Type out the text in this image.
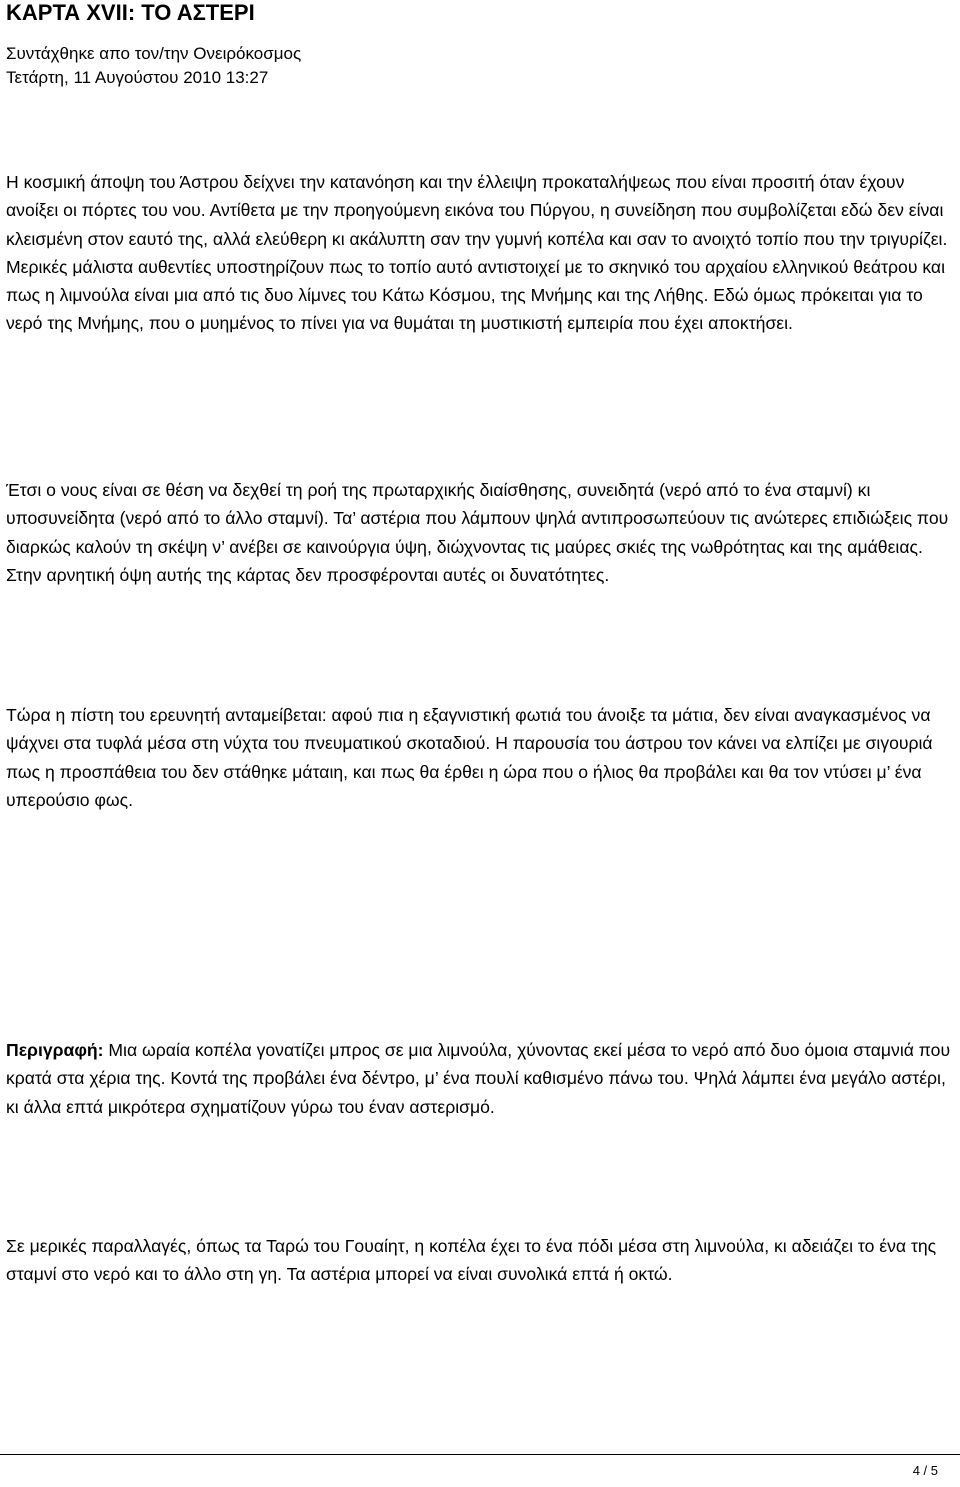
ΚΑΡΤΑ XVII: ΤΟ ΑΣΤΕΡΙ
Συντάχθηκε απο τον/την Ονειρόκοσμος
Τετάρτη, 11 Αυγούστου 2010 13:27

Η κοσμική άποψη του Άστρου δείχνει την κατανόηση και την έλλειψη προκαταλήψεως που είναι προσιτή όταν έχουν ανοίξει οι πόρτες του νου. Αντίθετα με την προηγούμενη εικόνα του Πύργου, η συνείδηση που συμβολίζεται εδώ δεν είναι κλεισμένη στον εαυτό της, αλλά ελεύθερη κι ακάλυπτη σαν την γυμνή κοπέλα και σαν το ανοιχτό τοπίο που την τριγυρίζει. Μερικές μάλιστα αυθεντίες υποστηρίζουν πως το τοπίο αυτό αντιστοιχεί με το σκηνικό του αρχαίου ελληνικού θεάτρου και πως η λιμνούλα είναι μια από τις δυο λίμνες του Κάτω Κόσμου, της Μνήμης και της Λήθης. Εδώ όμως πρόκειται για το νερό της Μνήμης, που ο μυημένος το πίνει για να θυμάται τη μυστικιστή εμπειρία που έχει αποκτήσει.

Έτσι ο νους είναι σε θέση να δεχθεί τη ροή της πρωταρχικής διαίσθησης, συνειδητά (νερό από το ένα σταμνί) κι υποσυνείδητα (νερό από το άλλο σταμνί). Τα’ αστέρια που λάμπουν ψηλά αντιπροσωπεύουν τις ανώτερες επιδιώξεις που διαρκώς καλούν τη σκέψη ν’ ανέβει σε καινούργια ύψη, διώχνοντας τις μαύρες σκιές της νωθρότητας και της αμάθειας. Στην αρνητική όψη αυτής της κάρτας δεν προσφέρονται αυτές οι δυνατότητες.

Τώρα η πίστη του ερευνητή ανταμείβεται: αφού πια η εξαγνιστική φωτιά του άνοιξε τα μάτια, δεν είναι αναγκασμένος να ψάχνει στα τυφλά μέσα στη νύχτα του πνευματικού σκοταδιού. Η παρουσία του άστρου τον κάνει να ελπίζει με σιγουριά πως η προσπάθεια του δεν στάθηκε μάταιη, και πως θα έρθει η ώρα που ο ήλιος θα προβάλει και θα τον ντύσει μ’ ένα υπερούσιο φως.

Περιγραφή: Μια ωραία κοπέλα γονατίζει μπρος σε μια λιμνούλα, χύνοντας εκεί μέσα το νερό από δυο όμοια σταμνιά που κρατά στα χέρια της. Κοντά της προβάλει ένα δέντρο, μ’ ένα πουλί καθισμένο πάνω του. Ψηλά λάμπει ένα μεγάλο αστέρι, κι άλλα επτά μικρότερα σχηματίζουν γύρω του έναν αστερισμό.

Σε μερικές παραλλαγές, όπως τα Ταρώ του Γουαίητ, η κοπέλα έχει το ένα πόδι μέσα στη λιμνούλα, κι αδειάζει το ένα της σταμνί στο νερό και το άλλο στη γη. Τα αστέρια μπορεί να είναι συνολικά επτά ή οκτώ.

4 / 5
